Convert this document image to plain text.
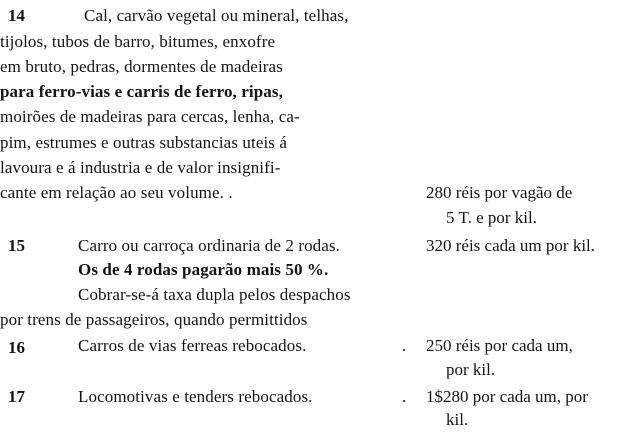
14	Cal, carvão vegetal ou mineral, telhas,
tijolos, tubos de barro, bitumes, enxofre
em bruto, pedras, dormentes de madeiras
para ferro-vias e carris de ferro, ripas,
moirões de madeiras para cercas, lenha, ca-
pim, estrumes e outras substancias uteis á
lavoura e á industria e de valor insignifi-
cante em relação ao seu volume. .	280 réis por vagão de
5 T. e por kil.
15	Carro ou carroça ordinaria de 2 rodas.
Os de 4 rodas pagarão mais 50 %.
Cobrar-se-á taxa dupla pelos despachos
por trens de passageiros, quando permittidos
320 réis cada um por kil.
16	Carros de vias ferreas rebocados.	. 250 réis por cada um,
por kil.
17	Locomotivas e tenders rebocados.	. 1$280 por cada um, por
kil.
